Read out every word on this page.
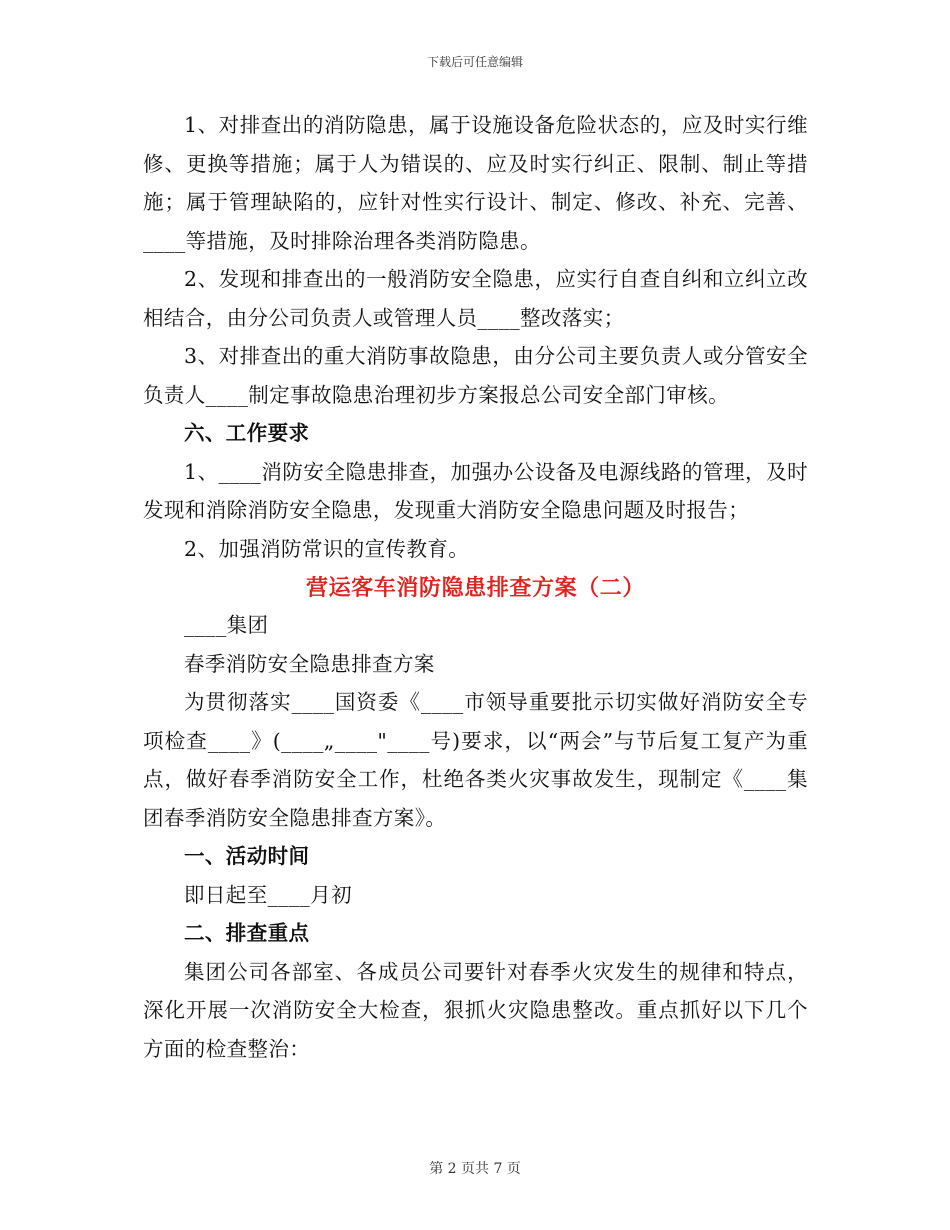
下载后可任意编辑

1、对排查出的消防隐患，属于设施设备危险状态的，应及时实行维修、更换等措施；属于人为错误的、应及时实行纠正、限制、制止等措施；属于管理缺陷的，应针对性实行设计、制定、修改、补充、完善、____等措施，及时排除治理各类消防隐患。

2、发现和排查出的一般消防安全隐患，应实行自查自纠和立纠立改相结合，由分公司负责人或管理人员____整改落实；

3、对排查出的重大消防事故隐患，由分公司主要负责人或分管安全负责人____制定事故隐患治理初步方案报总公司安全部门审核。

六、工作要求

1、____消防安全隐患排查，加强办公设备及电源线路的管理，及时发现和消除消防安全隐患，发现重大消防安全隐患问题及时报告；

2、加强消防常识的宣传教育。

营运客车消防隐患排查方案（二）

____集团

春季消防安全隐患排查方案

为贯彻落实____国资委《____市领导重要批示切实做好消防安全专项检查____》(____„____"____号)要求，以“两会”与节后复工复产为重点，做好春季消防安全工作，杜绝各类火灾事故发生，现制定《____集团春季消防安全隐患排查方案》。

一、活动时间

即日起至____月初

二、排查重点

集团公司各部室、各成员公司要针对春季火灾发生的规律和特点，深化开展一次消防安全大检查，狠抓火灾隐患整改。重点抓好以下几个方面的检查整治：

第 2 页共 7 页
